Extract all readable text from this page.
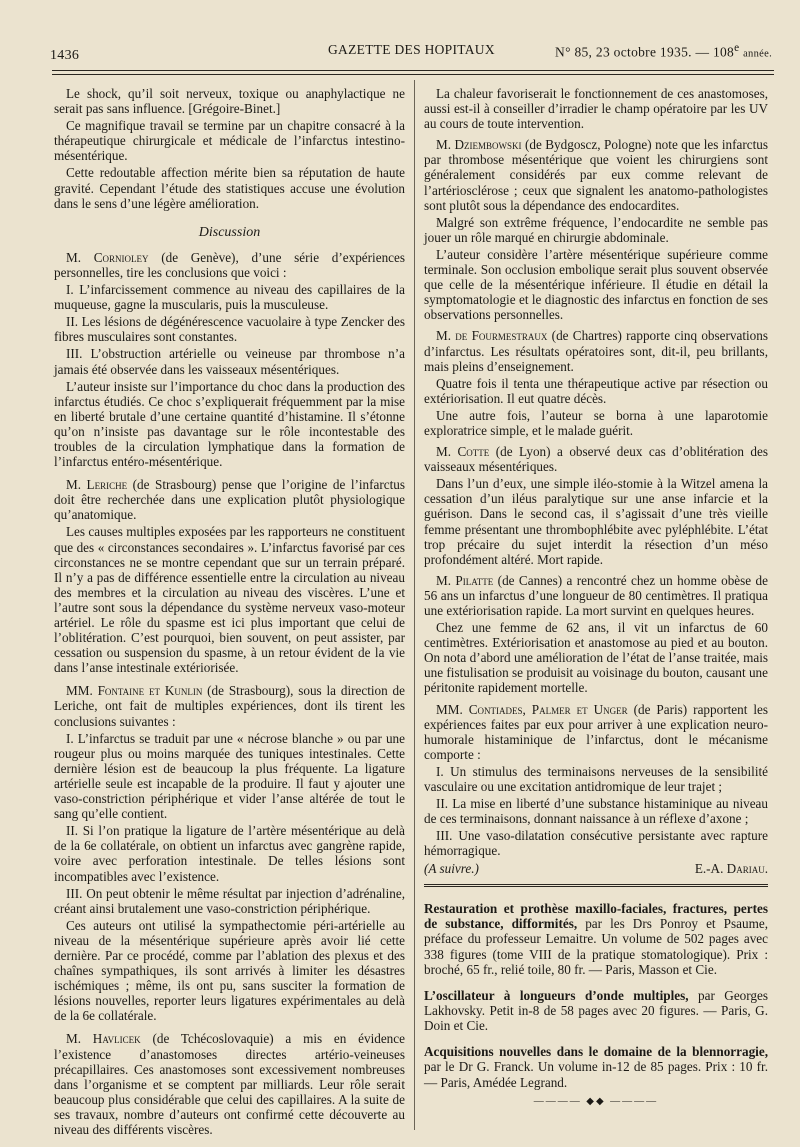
1436	GAZETTE DES HOPITAUX	N° 85, 23 octobre 1935. — 108e année.

Le shock, qu’il soit nerveux, toxique ou anaphylactique ne serait pas sans influence. [Grégoire-Binet.]

Ce magnifique travail se termine par un chapitre consacré à la thérapeutique chirurgicale et médicale de l’infarctus intestino-mésentérique.

Cette redoutable affection mérite bien sa réputation de haute gravité. Cependant l’étude des statistiques accuse une évolution dans le sens d’une légère amélioration.

Discussion

M. Cornioley (de Genève), d’une série d’expériences personnelles, tire les conclusions que voici :

I. L’infarcissement commence au niveau des capillaires de la muqueuse, gagne la muscularis, puis la musculeuse.

II. Les lésions de dégénérescence vacuolaire à type Zencker des fibres musculaires sont constantes.

III. L’obstruction artérielle ou veineuse par thrombose n’a jamais été observée dans les vaisseaux mésentériques.

L’auteur insiste sur l’importance du choc dans la production des infarctus étudiés. Ce choc s’expliquerait fréquemment par la mise en liberté brutale d’une certaine quantité d’histamine. Il s’étonne qu’on n’insiste pas davantage sur le rôle incontestable des troubles de la circulation lymphatique dans la formation de l’infarctus entéro-mésentérique.

M. Leriche (de Strasbourg) pense que l’origine de l’infarctus doit être recherchée dans une explication plutôt physiologique qu’anatomique.

Les causes multiples exposées par les rapporteurs ne constituent que des « circonstances secondaires ». L’infarctus favorisé par ces circonstances ne se montre cependant que sur un terrain préparé. Il n’y a pas de différence essentielle entre la circulation au niveau des membres et la circulation au niveau des viscères. L’une et l’autre sont sous la dépendance du système nerveux vaso-moteur artériel. Le rôle du spasme est ici plus important que celui de l’oblitération. C’est pourquoi, bien souvent, on peut assister, par cessation ou suspension du spasme, à un retour évident de la vie dans l’anse intestinale extériorisée.

MM. Fontaine et Kunlin (de Strasbourg), sous la direction de Leriche, ont fait de multiples expériences, dont ils tirent les conclusions suivantes :

I. L’infarctus se traduit par une « nécrose blanche » ou par une rougeur plus ou moins marquée des tuniques intestinales. Cette dernière lésion est de beaucoup la plus fréquente. La ligature artérielle seule est incapable de la produire. Il faut y ajouter une vaso-constriction périphérique et vider l’anse altérée de tout le sang qu’elle contient.

II. Si l’on pratique la ligature de l’artère mésentérique au delà de la 6e collatérale, on obtient un infarctus avec gangrène rapide, voire avec perforation intestinale. De telles lésions sont incompatibles avec l’existence.

III. On peut obtenir le même résultat par injection d’adrénaline, créant ainsi brutalement une vaso-constriction périphérique.

Ces auteurs ont utilisé la sympathectomie péri-artérielle au niveau de la mésentérique supérieure après avoir lié cette dernière. Par ce procédé, comme par l’ablation des plexus et des chaînes sympathiques, ils sont arrivés à limiter les désastres ischémiques ; même, ils ont pu, sans susciter la formation de lésions nouvelles, reporter leurs ligatures expérimentales au delà de la 6e collatérale.

M. Havlicek (de Tchécoslovaquie) a mis en évidence l’existence d’anastomoses directes artério-veineuses précapillaires. Ces anastomoses sont excessivement nombreuses dans l’organisme et se comptent par milliards. Leur rôle serait beaucoup plus considérable que celui des capillaires. A la suite de ses travaux, nombre d’auteurs ont confirmé cette découverte au niveau des différents viscères.

La chaleur favoriserait le fonctionnement de ces anastomoses, aussi est-il à conseiller d’irradier le champ opératoire par les UV au cours de toute intervention.

M. Dziembowski (de Bydgoscz, Pologne) note que les infarctus par thrombose mésentérique que voient les chirurgiens sont généralement considérés par eux comme relevant de l’artériosclérose ; ceux que signalent les anatomo-pathologistes sont plutôt sous la dépendance des endocardites.

Malgré son extrême fréquence, l’endocardite ne semble pas jouer un rôle marqué en chirurgie abdominale.

L’auteur considère l’artère mésentérique supérieure comme terminale. Son occlusion embolique serait plus souvent observée que celle de la mésentérique inférieure. Il étudie en détail la symptomatologie et le diagnostic des infarctus en fonction de ses observations personnelles.

M. de Fourmestraux (de Chartres) rapporte cinq observations d’infarctus. Les résultats opératoires sont, dit-il, peu brillants, mais pleins d’enseignement.

Quatre fois il tenta une thérapeutique active par résection ou extériorisation. Il eut quatre décès.

Une autre fois, l’auteur se borna à une laparotomie exploratrice simple, et le malade guérit.

M. Cotte (de Lyon) a observé deux cas d’oblitération des vaisseaux mésentériques.

Dans l’un d’eux, une simple iléo-stomie à la Witzel amena la cessation d’un iléus paralytique sur une anse infarcie et la guérison. Dans le second cas, il s’agissait d’une très vieille femme présentant une thrombophlébite avec pyléphlébite. L’état trop précaire du sujet interdit la résection d’un méso profondément altéré. Mort rapide.

M. Pilatte (de Cannes) a rencontré chez un homme obèse de 56 ans un infarctus d’une longueur de 80 centimètres. Il pratiqua une extériorisation rapide. La mort survint en quelques heures.

Chez une femme de 62 ans, il vit un infarctus de 60 centimètres. Extériorisation et anastomose au pied et au bouton. On nota d’abord une amélioration de l’état de l’anse traitée, mais une fistulisation se produisit au voisinage du bouton, causant une péritonite rapidement mortelle.

MM. Contiades, Palmer et Unger (de Paris) rapportent les expériences faites par eux pour arriver à une explication neuro-humorale histaminique de l’infarctus, dont le mécanisme comporte :

I. Un stimulus des terminaisons nerveuses de la sensibilité vasculaire ou une excitation antidromique de leur trajet ;

II. La mise en liberté d’une substance histaminique au niveau de ces terminaisons, donnant naissance à un réflexe d’axone ;

III. Une vaso-dilatation consécutive persistante avec rapture hémorragique.

(A suivre.)	E.-A. Dariau.

Restauration et prothèse maxillo-faciales, fractures, pertes de substance, difformités, par les Drs Ponroy et Psaume, préface du professeur Lemaitre. Un volume de 502 pages avec 338 figures (tome VIII de la pratique stomatologique). Prix : broché, 65 fr., relié toile, 80 fr. — Paris, Masson et Cie.

L’oscillateur à longueurs d’onde multiples, par Georges Lakhovsky. Petit in-8 de 58 pages avec 20 figures. — Paris, G. Doin et Cie.

Acquisitions nouvelles dans le domaine de la blennorragie, par le Dr G. Franck. Un volume in-12 de 85 pages. Prix : 10 fr. — Paris, Amédée Legrand.

———— ◆◆ ————
